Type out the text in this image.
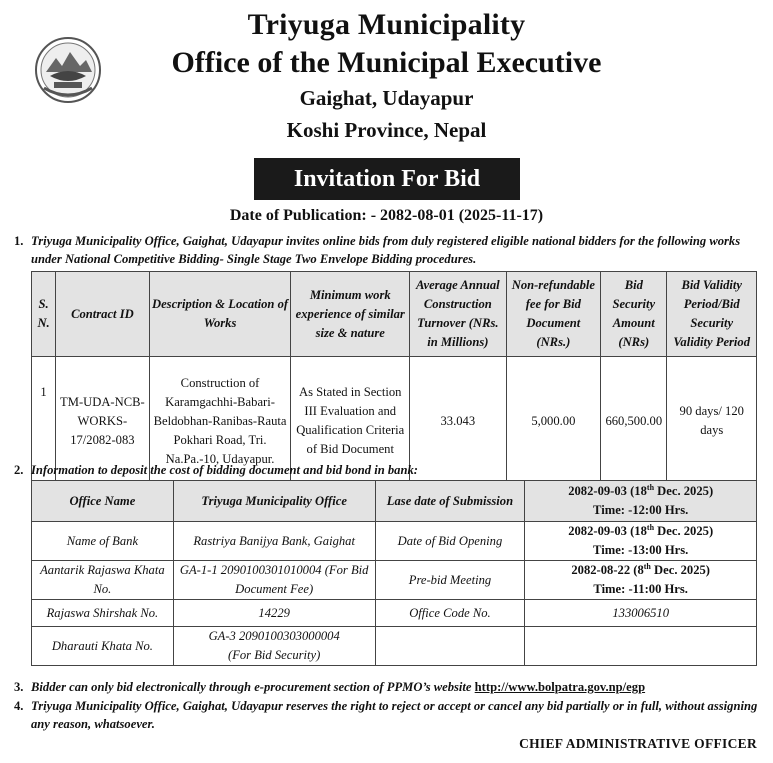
Triyuga Municipality
Office of the Municipal Executive
Gaighat, Udayapur
Koshi Province, Nepal
Invitation For Bid
Date of Publication: - 2082-08-01 (2025-11-17)
1. Triyuga Municipality Office, Gaighat, Udayapur invites online bids from duly registered eligible national bidders for the following works under National Competitive Bidding- Single Stage Two Envelope Bidding procedures.
S. N.	Contract ID	Description & Location of Works	Minimum work experience of similar size & nature	Average Annual Construction Turnover (NRs. in Millions)	Non-refundable fee for Bid Document (NRs.)	Bid Security Amount (NRs)	Bid Validity Period/Bid Security Validity Period
1	TM-UDA-NCB-WORKS-17/2082-083	Construction of Karamgachhi-Babari-Beldobhan-Ranibas-Rauta Pokhari Road, Tri. Na.Pa.-10, Udayapur.	As Stated in Section III Evaluation and Qualification Criteria of Bid Document	33.043	5,000.00	660,500.00	90 days/ 120 days
2. Information to deposit the cost of bidding document and bid bond in bank:
Office Name	Triyuga Municipality Office	Lase date of Submission	2082-09-03 (18th Dec. 2025)
Time: -12:00 Hrs.
Name of Bank	Rastriya Banijya Bank, Gaighat	Date of Bid Opening	2082-09-03 (18th Dec. 2025)
Time: -13:00 Hrs.
Aantarik Rajaswa Khata No.	GA-1-1 2090100301010004 (For Bid Document Fee)	Pre-bid Meeting	2082-08-22 (8th Dec. 2025)
Time: -11:00 Hrs.
Rajaswa Shirshak No.	14229	Office Code No.	133006510
Dharauti Khata No.	GA-3 2090100303000004
(For Bid Security)		
3. Bidder can only bid electronically through e-procurement section of PPMO’s website http://www.bolpatra.gov.np/egp
4. Triyuga Municipality Office, Gaighat, Udayapur reserves the right to reject or accept or cancel any bid partially or in full, without assigning any reason, whatsoever.
CHIEF ADMINISTRATIVE OFFICER
